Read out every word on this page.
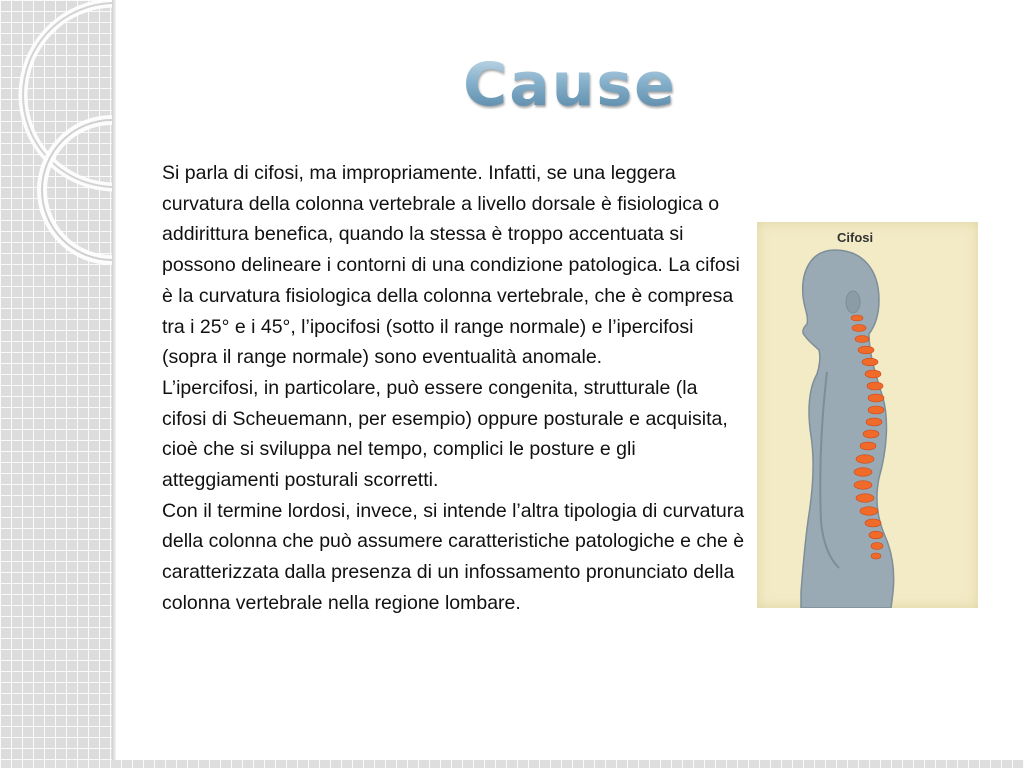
Cause

Si parla di cifosi, ma impropriamente. Infatti, se una leggera curvatura della colonna vertebrale a livello dorsale è fisiologica o addirittura benefica, quando la stessa è troppo accentuata si possono delineare i contorni di una condizione patologica. La cifosi è la curvatura fisiologica della colonna vertebrale, che è compresa tra i 25° e i 45°, l’ipocifosi (sotto il range normale) e l’ipercifosi (sopra il range normale) sono eventualità anomale.

L’ipercifosi, in particolare, può essere congenita, strutturale (la cifosi di Scheuemann, per esempio) oppure posturale e acquisita, cioè che si sviluppa nel tempo, complici le posture e gli atteggiamenti posturali scorretti.

Con il termine lordosi, invece, si intende l’altra tipologia di curvatura della colonna che può assumere caratteristiche patologiche e che è caratterizzata dalla presenza di un infossamento pronunciato della colonna vertebrale nella regione lombare.

Cifosi
